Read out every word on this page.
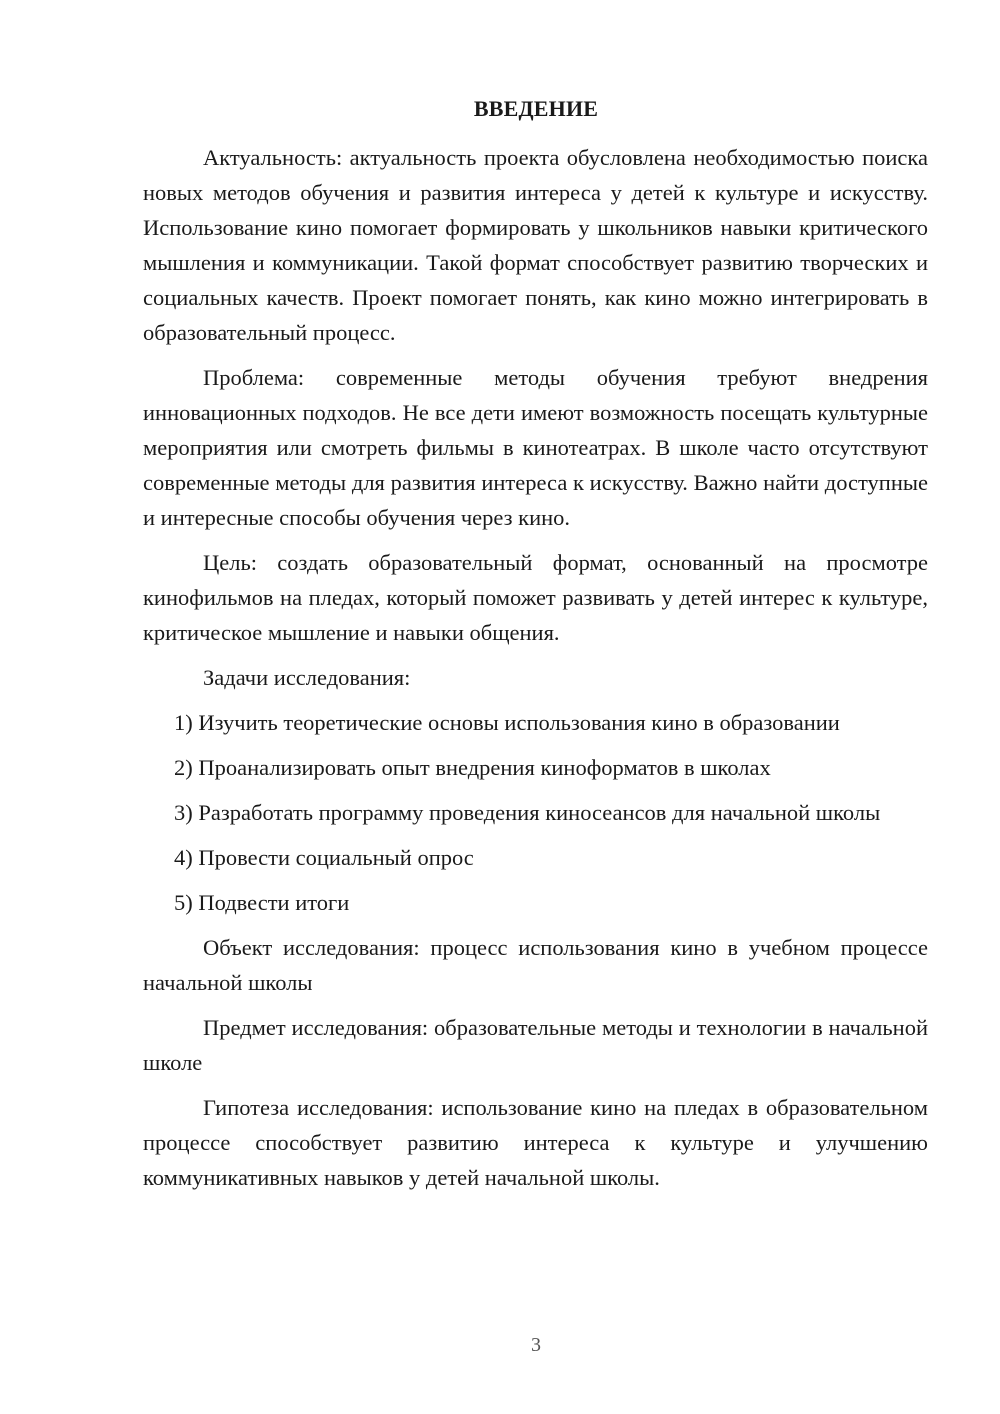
ВВЕДЕНИЕ

Актуальность: актуальность проекта обусловлена необходимостью поиска новых методов обучения и развития интереса у детей к культуре и искусству. Использование кино помогает формировать у школьников навыки критического мышления и коммуникации. Такой формат способствует развитию творческих и социальных качеств. Проект помогает понять, как кино можно интегрировать в образовательный процесс.

Проблема: современные методы обучения требуют внедрения инновационных подходов. Не все дети имеют возможность посещать культурные мероприятия или смотреть фильмы в кинотеатрах. В школе часто отсутствуют современные методы для развития интереса к искусству. Важно найти доступные и интересные способы обучения через кино.

Цель: создать образовательный формат, основанный на просмотре кинофильмов на пледах, который поможет развивать у детей интерес к культуре, критическое мышление и навыки общения.

Задачи исследования:

1) Изучить теоретические основы использования кино в образовании

2) Проанализировать опыт внедрения киноформатов в школах

3) Разработать программу проведения киносеансов для начальной школы

4) Провести социальный опрос

5) Подвести итоги

Объект исследования: процесс использования кино в учебном процессе начальной школы

Предмет исследования: образовательные методы и технологии в начальной школе

Гипотеза исследования: использование кино на пледах в образовательном процессе способствует развитию интереса к культуре и улучшению коммуникативных навыков у детей начальной школы.

3
